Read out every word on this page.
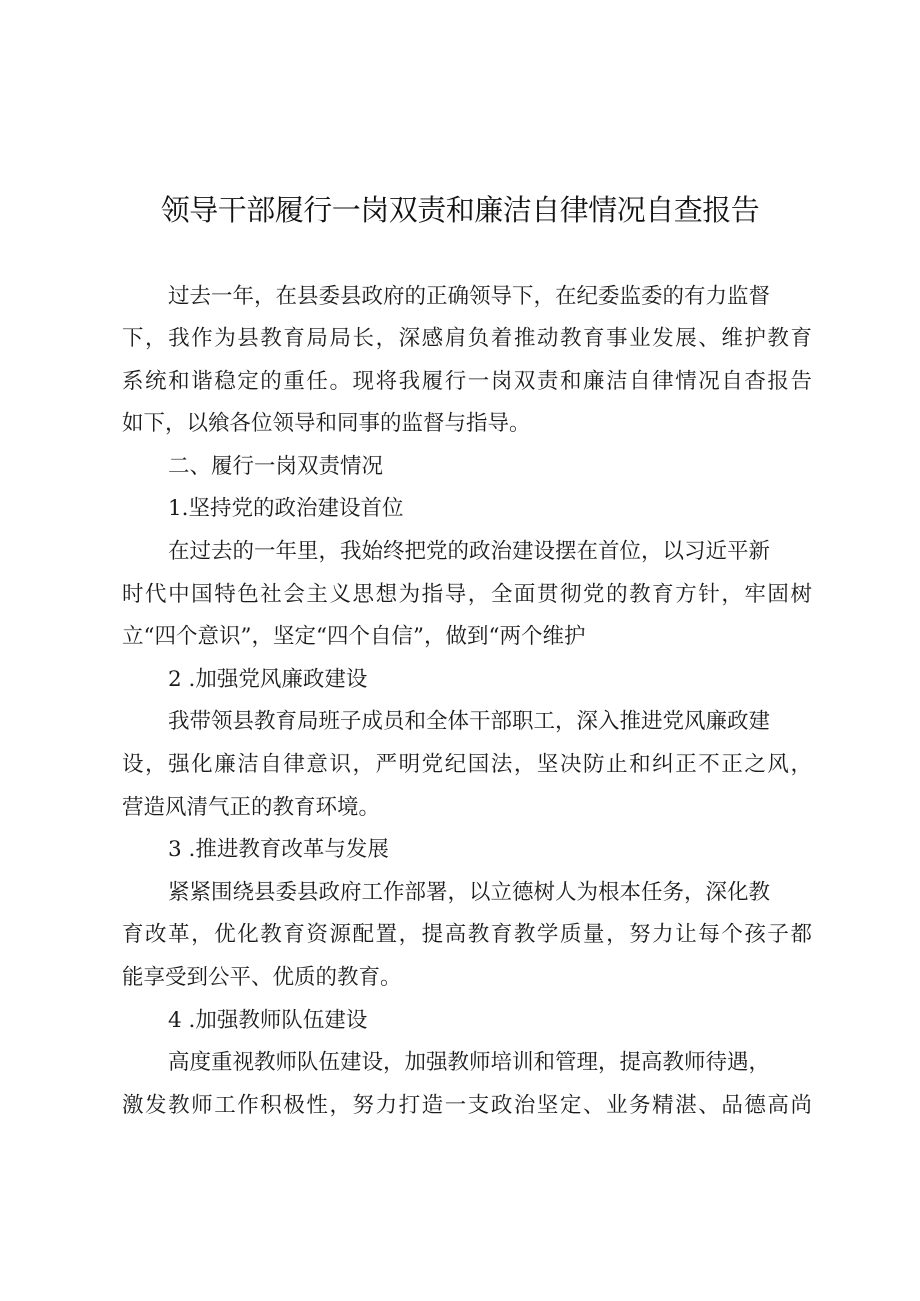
领导干部履行一岗双责和廉洁自律情况自查报告
过去一年，在县委县政府的正确领导下，在纪委监委的有力监督
下，我作为县教育局局长，深感肩负着推动教育事业发展、维护教育
系统和谐稳定的重任。现将我履行一岗双责和廉洁自律情况自杳报告
如下，以飨各位领导和同事的监督与指导。
二、履行一岗双责情况
1.坚持党的政治建设首位
在过去的一年里，我始终把党的政治建设摆在首位，以习近平新
时代中国特色社会主义思想为指导，全面贯彻党的教育方针，牢固树
立“四个意识”，坚定“四个自信”，做到“两个维护
2 .加强党风廉政建设
我带领县教育局班子成员和全体干部职工，深入推进党风廉政建
设，强化廉洁自律意识，严明党纪国法，坚决防止和纠正不正之风，
营造风清气正的教育环境。
3 .推进教育改革与发展
紧紧围绕县委县政府工作部署，以立德树人为根本任务，深化教
育改革，优化教育资源配置，提高教育教学质量，努力让每个孩子都
能享受到公平、优质的教育。
4 .加强教师队伍建设
高度重视教师队伍建设，加强教师培训和管理，提高教师待遇，
激发教师工作积极性，努力打造一支政治坚定、业务精湛、品德高尚
